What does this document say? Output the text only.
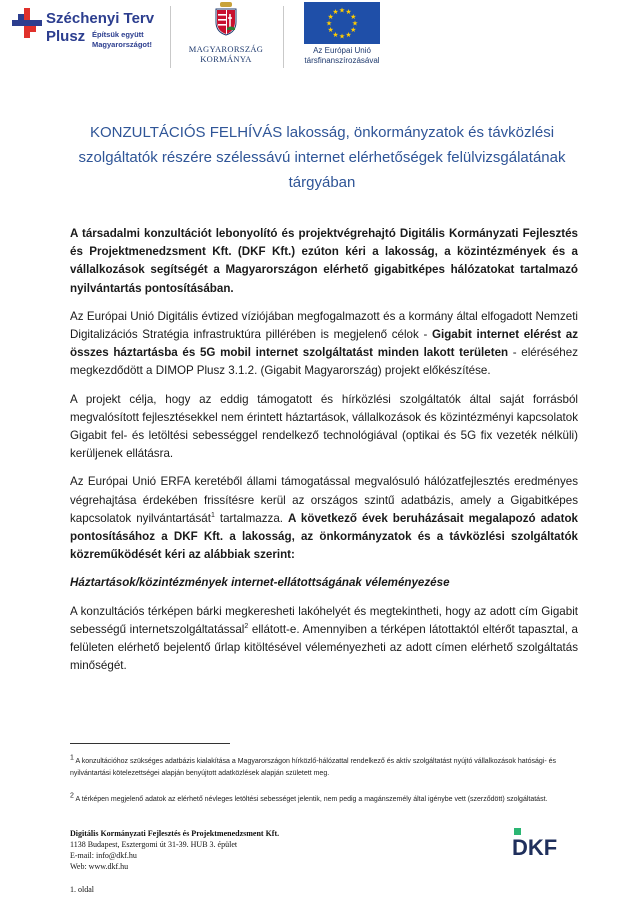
Széchenyi Terv
Plusz Építsük együtt Magyarországot!	MAGYARORSZÁG KORMÁNYA
★ ★
★
★
★
★
★
★
★
★
★
★
Az Európai Unió társfinanszírozásával
KONZULTÁCIÓS FELHÍVÁS lakosság, önkormányzatok és távközlési szolgáltatók részére szélessávú internet elérhetőségek felülvizsgálatának tárgyában

A társadalmi konzultációt lebonyolító és projektvégrehajtó Digitális Kormányzati Fejlesztés és Projektmenedzsment Kft. (DKF Kft.) ezúton kéri a lakosság, a közintézmények és a vállalkozások segítségét a Magyarországon elérhető gigabitképes hálózatokat tartalmazó nyilvántartás pontosításában.

Az Európai Unió Digitális évtized víziójában megfogalmazott és a kormány által elfogadott Nemzeti Digitalizációs Stratégia infrastruktúra pillérében is megjelenő célok - Gigabit internet elérést az összes háztartásba és 5G mobil internet szolgáltatást minden lakott területen - eléréséhez megkezdődött a DIMOP Plusz 3.1.2. (Gigabit Magyarország) projekt előkészítése.

A projekt célja, hogy az eddig támogatott és hírközlési szolgáltatók által saját forrásból megvalósított fejlesztésekkel nem érintett háztartások, vállalkozások és közintézményi kapcsolatok Gigabit fel- és letöltési sebességgel rendelkező technológiával (optikai és 5G fix vezeték nélküli) kerüljenek ellátásra.

Az Európai Unió ERFA keretéből állami támogatással megvalósuló hálózatfejlesztés eredményes végrehajtása érdekében frissítésre kerül az országos szintű adatbázis, amely a Gigabitképes kapcsolatok nyilvántartását$^1$ tartalmazza. A következő évek beruházásait megalapozó adatok pontosításához a DKF Kft. a lakosság, az önkormányzatok és a távközlési szolgáltatók közreműködését kéri az alábbiak szerint:

Háztartások/közintézmények internet-ellátottságának véleményezése

A konzultációs térképen bárki megkeresheti lakóhelyét és megtekintheti, hogy az adott cím Gigabit sebességű internetszolgáltatással$^2$ ellátott-e. Amennyiben a térképen látottaktól eltérőt tapasztal, a felületen elérhető bejelentő űrlap kitöltésével véleményezheti az adott címen elérhető szolgáltatás minőségét.

$^1$ A konzultációhoz szükséges adatbázis kialakítása a Magyarországon hírközlő-hálózattal rendelkező és aktív szolgáltatást nyújtó vállalkozások hatósági- és nyilvántartási kötelezettségei alapján benyújtott adatközlések alapján született meg.

$^2$ A térképen megjelenő adatok az elérhető névleges letöltési sebességet jelentik, nem pedig a magánszemély által igénybe vett (szerződött) szolgáltatást.

Digitális Kormányzati Fejlesztés és Projektmenedzsment Kft.
1138 Budapest, Esztergomi út 31-39. HUB 3. épület
E-mail: info@dkf.hu
Web: www.dkf.hu
1. oldal
DKF
